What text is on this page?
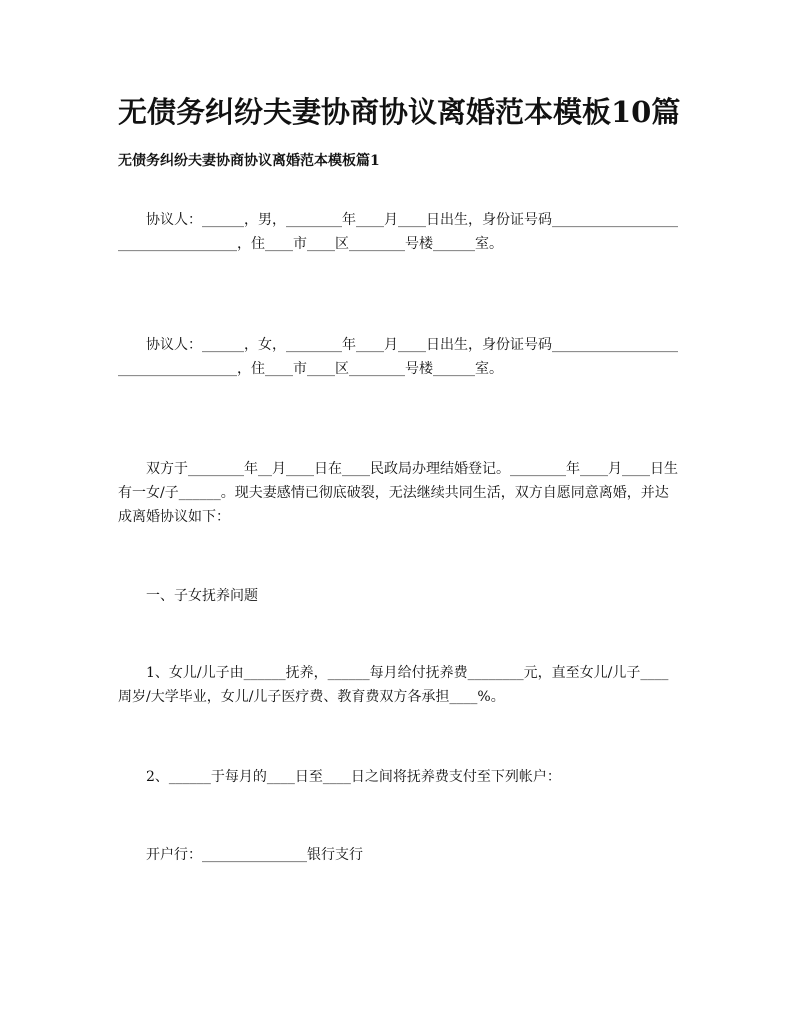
无债务纠纷夫妻协商协议离婚范本模板10篇
无债务纠纷夫妻协商协议离婚范本模板篇1

　　协议人：______，男，________年____月____日出生，身份证号码___________________________________，住____市____区________号楼______室。

　　协议人：______，女，________年____月____日出生，身份证号码___________________________________，住____市____区________号楼______室。

　　双方于________年__月____日在____民政局办理结婚登记。________年____月____日生有一女/子______。现夫妻感情已彻底破裂，无法继续共同生活，双方自愿同意离婚，并达成离婚协议如下：

　　一、子女抚养问题

　　1、女儿/儿子由______抚养，______每月给付抚养费________元，直至女儿/儿子____周岁/大学毕业，女儿/儿子医疗费、教育费双方各承担____%。

　　2、______于每月的____日至____日之间将抚养费支付至下列帐户：

　　开户行：_______________银行支行
